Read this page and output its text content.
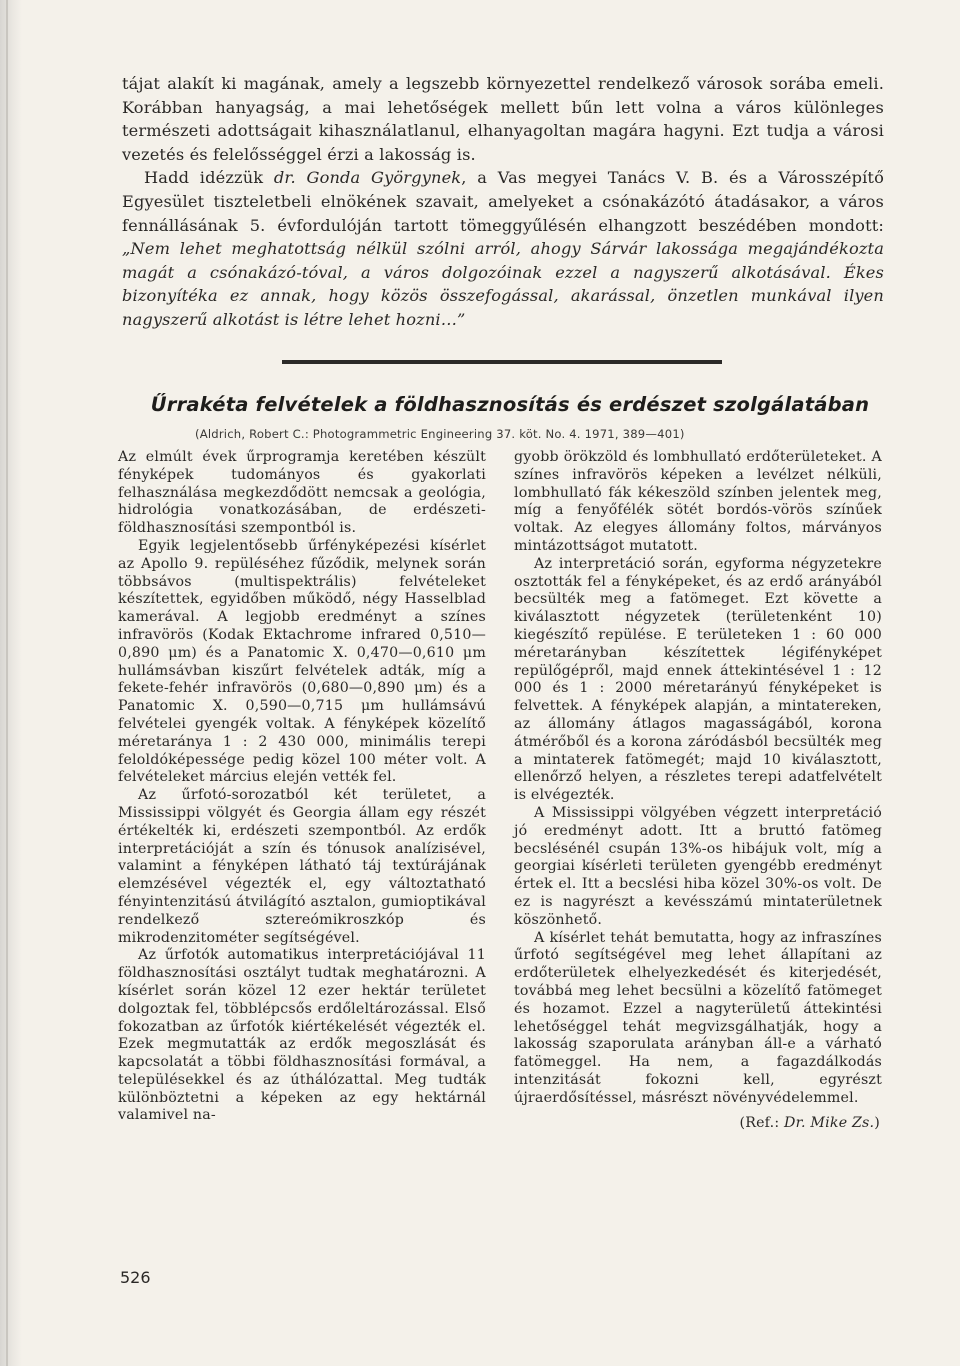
tájat alakít ki magának, amely a legszebb környezettel rendelkező városok sorába emeli. Korábban hanyagság, a mai lehetőségek mellett bűn lett volna a város különleges természeti adottságait kihasználatlanul, elhanyagoltan magára hagyni. Ezt tudja a városi vezetés és felelősséggel érzi a lakosság is.

Hadd idézzük dr. Gonda Györgynek, a Vas megyei Tanács V. B. és a Városszépítő Egyesület tiszteletbeli elnökének szavait, amelyeket a csónakázótó átadásakor, a város fennállásának 5. évfordulóján tartott tömeggyűlésén elhangzott beszédében mondott: „Nem lehet meghatottság nélkül szólni arról, ahogy Sárvár lakossága megajándékozta magát a csónakázó-tóval, a város dolgozóinak ezzel a nagyszerű alkotásával. Ékes bizonyítéka ez annak, hogy közös összefogással, akarással, önzetlen munkával ilyen nagyszerű alkotást is létre lehet hozni…”

Űrrakéta felvételek a földhasznosítás és erdészet szolgálatában
(Aldrich, Robert C.: Photogrammetric Engineering 37. köt. No. 4. 1971, 389—401)

Az elmúlt évek űrprogramja keretében készült fényképek tudományos és gyakorlati felhasználása megkezdődött nemcsak a geológia, hidrológia vonatkozásában, de erdészeti-földhasznosítási szempontból is.

Egyik legjelentősebb űrfényképezési kísérlet az Apollo 9. repüléséhez fűződik, melynek során többsávos (multispektrális) felvételeket készítettek, egyidőben működő, négy Hasselblad kamerával. A legjobb eredményt a színes infravörös (Kodak Ektachrome infrared 0,510—0,890 μm) és a Panatomic X. 0,470—0,610 μm hullámsávban kiszűrt felvételek adták, míg a fekete-fehér infravörös (0,680—0,890 μm) és a Panatomic X. 0,590—0,715 μm hullámsávú felvételei gyengék voltak. A fényképek közelítő méretaránya 1 : 2 430 000, minimális terepi feloldóképessége pedig közel 100 méter volt. A felvételeket március elején vették fel.

Az űrfotó-sorozatból két területet, a Mississippi völgyét és Georgia állam egy részét értékelték ki, erdészeti szempontból. Az erdők interpretációját a szín és tónusok analízisével, valamint a fényképen látható táj textúrájának elemzésével végezték el, egy változtatható fényintenzitású átvilágító asztalon, gumioptikával rendelkező sztereómikroszkóp és mikrodenzitométer segítségével.

Az űrfotók automatikus interpretációjával 11 földhasznosítási osztályt tudtak meghatározni. A kísérlet során közel 12 ezer hektár területet dolgoztak fel, többlépcsős erdőleltározással. Első fokozatban az űrfotók kiértékelését végezték el. Ezek megmutatták az erdők megoszlását és kapcsolatát a többi földhasznosítási formával, a településekkel és az úthálózattal. Meg tudták különböztetni a képeken az egy hektárnál valamivel na-

gyobb örökzöld és lombhullató erdőterületeket. A színes infravörös képeken a levélzet nélküli, lombhullató fák kékeszöld színben jelentek meg, míg a fenyőfélék sötét bordós-vörös színűek voltak. Az elegyes állomány foltos, márványos mintázottságot mutatott.

Az interpretáció során, egyforma négyzetekre osztották fel a fényképeket, és az erdő arányából becsülték meg a fatömeget. Ezt követte a kiválasztott négyzetek (területenként 10) kiegészítő repülése. E területeken 1 : 60 000 méretarányban készítettek légifényképet repülőgépről, majd ennek áttekintésével 1 : 12 000 és 1 : 2000 méretarányú fényképeket is felvettek. A fényképek alapján, a mintatereken, az állomány átlagos magasságából, korona átmérőből és a korona záródásból becsülték meg a mintaterek fatömegét; majd 10 kiválasztott, ellenőrző helyen, a részletes terepi adatfelvételt is elvégezték.

A Mississippi völgyében végzett interpretáció jó eredményt adott. Itt a bruttó fatömeg becslésénél csupán 13%-os hibájuk volt, míg a georgiai kísérleti területen gyengébb eredményt értek el. Itt a becslési hiba közel 30%-os volt. De ez is nagyrészt a kevésszámú mintaterületnek köszönhető.

A kísérlet tehát bemutatta, hogy az infraszínes űrfotó segítségével meg lehet állapítani az erdőterületek elhelyezkedését és kiterjedését, továbbá meg lehet becsülni a közelítő fatömeget és hozamot. Ezzel a nagyterületű áttekintési lehetőséggel tehát megvizsgálhatják, hogy a lakosság szaporulata arányban áll-e a várható fatömeggel. Ha nem, a fagazdálkodás intenzitását fokozni kell, egyrészt újraerdősítéssel, másrészt növényvédelemmel.

(Ref.: Dr. Mike Zs.)

526
